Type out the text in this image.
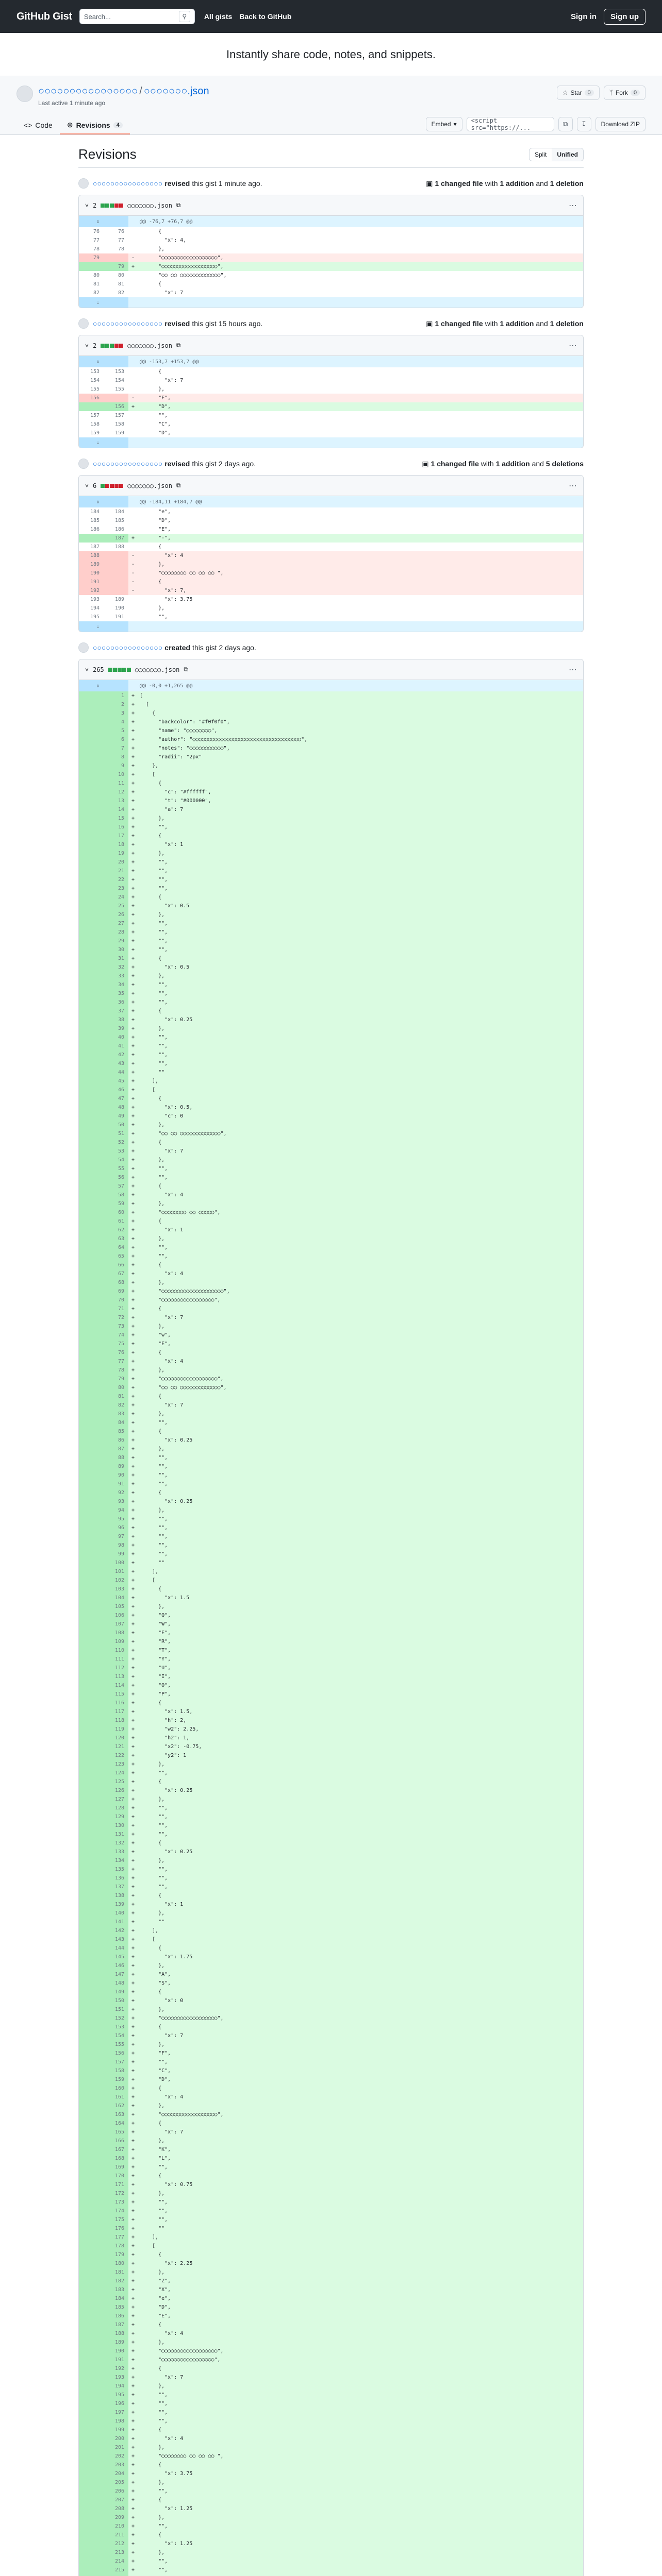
GitHub Gist Search...	⚲	All gists Back to GitHub	Sign in	Sign up
Instantly share code, notes, and snippets.
○○○○○○○○○○○○○○○○ / ○○○○○○○.json
Last active 1 minute ago
☆ Star	0	ᛉ Fork	0
<> Code ⊙ Revisions	4	Embed ▾	<script src="https://...	⧉	↧	Download ZIP
Revisions	Split	Unified
○○○○○○○○○○○○○○○○ revised this gist 1 minute ago.	▣ 1 changed file with 1 addition and 1 deletion
˅ 2	○○○○○○○.json ⧉	⋯
⇕			@@ -76,7 +76,7 @@
76	76		{
77	77		"x": 4,
78	78		},
79		-	"○○○○○○○○○○○○○○○○○○",
	79	+	"○○○○○○○○○○○○○○○○○○",
80	80		"○○ ○○ ○○○○○○○○○○○○○",
81	81		{
82	82		"x": 7
⇣			
○○○○○○○○○○○○○○○○ revised this gist 15 hours ago.	▣ 1 changed file with 1 addition and 1 deletion
˅ 2	○○○○○○○.json ⧉	⋯
⇕			@@ -153,7 +153,7 @@
153	153		{
154	154		"x": 7
155	155		},
156		-	"F",
	156	+	"D",
157	157		"",
158	158		"C",
159	159		"D",
⇣			
○○○○○○○○○○○○○○○○ revised this gist 2 days ago.	▣ 1 changed file with 1 addition and 5 deletions
˅ 6	○○○○○○○.json ⧉	⋯
⇕			@@ -184,11 +184,7 @@
184	184		"e",
185	185		"D",
186	186		"E",
	187	+	"-",
187	188		{
188		-	"x": 4
189		-	},
190		-	"○○○○○○○○ ○○ ○○ ○○ ",
191		-	{
192		-	"x": 7,
193	189		"x": 3.75
194	190		},
195	191		"",
⇣			
○○○○○○○○○○○○○○○○ created this gist 2 days ago.
˅ 265	○○○○○○○.json ⧉	⋯
⇕			@@ -0,0 +1,265 @@
	1	+	[
	2	+	[
	3	+	{
	4	+	"backcolor": "#f0f0f0",
	5	+	"name": "○○○○○○○○",
	6	+	"author": "○○○○○○○○○○○○○○○○○○○○○○○○○○○○○○○○○○○",
	7	+	"notes": "○○○○○○○○○○○",
	8	+	"radii": "2px"
	9	+	},
	10	+	[
	11	+	{
	12	+	"c": "#ffffff",
	13	+	"t": "#000000",
	14	+	"a": 7
	15	+	},
	16	+	"",
	17	+	{
	18	+	"x": 1
	19	+	},
	20	+	"",
	21	+	"",
	22	+	"",
	23	+	"",
	24	+	{
	25	+	"x": 0.5
	26	+	},
	27	+	"",
	28	+	"",
	29	+	"",
	30	+	"",
	31	+	{
	32	+	"x": 0.5
	33	+	},
	34	+	"",
	35	+	"",
	36	+	"",
	37	+	{
	38	+	"x": 0.25
	39	+	},
	40	+	"",
	41	+	"",
	42	+	"",
	43	+	"",
	44	+	""
	45	+	],
	46	+	[
	47	+	{
	48	+	"x": 0.5,
	49	+	"c": 0
	50	+	},
	51	+	"○○ ○○ ○○○○○○○○○○○○○",
	52	+	{
	53	+	"x": 7
	54	+	},
	55	+	"",
	56	+	"",
	57	+	{
	58	+	"x": 4
	59	+	},
	60	+	"○○○○○○○○ ○○ ○○○○○",
	61	+	{
	62	+	"x": 1
	63	+	},
	64	+	"",
	65	+	"",
	66	+	{
	67	+	"x": 4
	68	+	},
	69	+	"○○○○○○○○○○○○○○○○○○○○",
	70	+	"○○○○○○○○○○○○○○○○○",
	71	+	{
	72	+	"x": 7
	73	+	},
	74	+	"w",
	75	+	"E",
	76	+	{
	77	+	"x": 4
	78	+	},
	79	+	"○○○○○○○○○○○○○○○○○○",
	80	+	"○○ ○○ ○○○○○○○○○○○○○",
	81	+	{
	82	+	"x": 7
	83	+	},
	84	+	"",
	85	+	{
	86	+	"x": 0.25
	87	+	},
	88	+	"",
	89	+	"",
	90	+	"",
	91	+	"",
	92	+	{
	93	+	"x": 0.25
	94	+	},
	95	+	"",
	96	+	"",
	97	+	"",
	98	+	"",
	99	+	"",
	100	+	""
	101	+	],
	102	+	[
	103	+	{
	104	+	"x": 1.5
	105	+	},
	106	+	"Q",
	107	+	"W",
	108	+	"E",
	109	+	"R",
	110	+	"T",
	111	+	"Y",
	112	+	"U",
	113	+	"I",
	114	+	"O",
	115	+	"P",
	116	+	{
	117	+	"x": 1.5,
	118	+	"h": 2,
	119	+	"w2": 2.25,
	120	+	"h2": 1,
	121	+	"x2": -0.75,
	122	+	"y2": 1
	123	+	},
	124	+	"",
	125	+	{
	126	+	"x": 0.25
	127	+	},
	128	+	"",
	129	+	"",
	130	+	"",
	131	+	"",
	132	+	{
	133	+	"x": 0.25
	134	+	},
	135	+	"",
	136	+	"",
	137	+	"",
	138	+	{
	139	+	"x": 1
	140	+	},
	141	+	""
	142	+	],
	143	+	[
	144	+	{
	145	+	"x": 1.75
	146	+	},
	147	+	"A",
	148	+	"S",
	149	+	{
	150	+	"x": 0
	151	+	},
	152	+	"○○○○○○○○○○○○○○○○○○",
	153	+	{
	154	+	"x": 7
	155	+	},
	156	+	"F",
	157	+	"",
	158	+	"C",
	159	+	"D",
	160	+	{
	161	+	"x": 4
	162	+	},
	163	+	"○○○○○○○○○○○○○○○○○○",
	164	+	{
	165	+	"x": 7
	166	+	},
	167	+	"K",
	168	+	"L",
	169	+	"",
	170	+	{
	171	+	"x": 0.75
	172	+	},
	173	+	"",
	174	+	"",
	175	+	"",
	176	+	""
	177	+	],
	178	+	[
	179	+	{
	180	+	"x": 2.25
	181	+	},
	182	+	"Z",
	183	+	"X",
	184	+	"e",
	185	+	"D",
	186	+	"E",
	187	+	{
	188	+	"x": 4
	189	+	},
	190	+	"○○○○○○○○○○○○○○○○○○",
	191	+	"○○○○○○○○○○○○○○○○○",
	192	+	{
	193	+	"x": 7
	194	+	},
	195	+	"",
	196	+	"",
	197	+	"",
	198	+	"",
	199	+	{
	200	+	"x": 4
	201	+	},
	202	+	"○○○○○○○○ ○○ ○○ ○○ ",
	203	+	{
	204	+	"x": 3.75
	205	+	},
	206	+	"",
	207	+	{
	208	+	"x": 1.25
	209	+	},
	210	+	"",
	211	+	{
	212	+	"x": 1.25
	213	+	},
	214	+	"",
	215	+	"",
